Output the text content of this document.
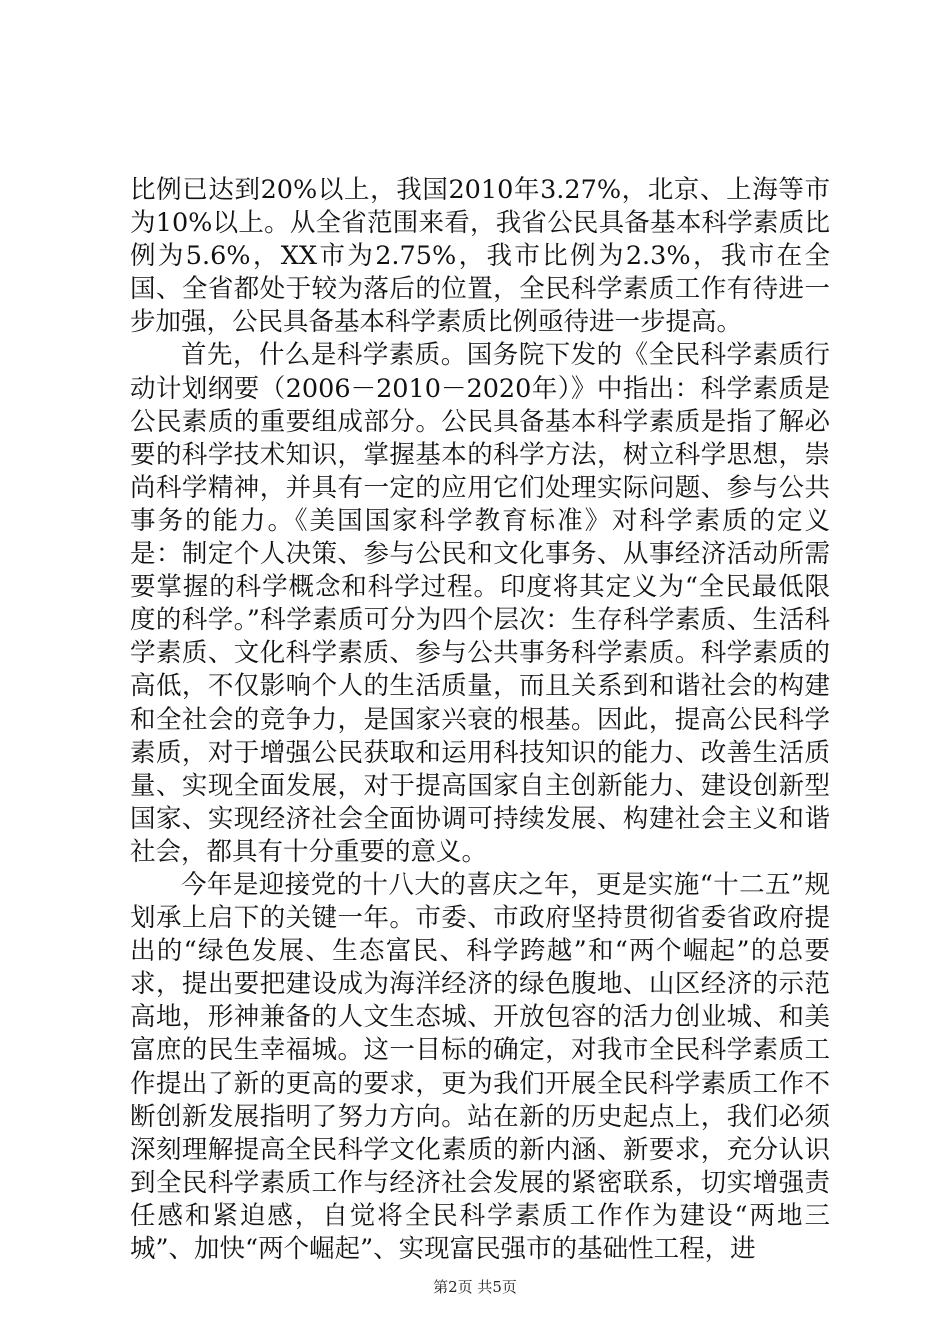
比例已达到20%以上，我国2010年3.27%，北京、上海等市为10%以上。从全省范围来看，我省公民具备基本科学素质比例为5.6%，XX市为2.75%，我市比例为2.3%，我市在全国、全省都处于较为落后的位置，全民科学素质工作有待进一步加强，公民具备基本科学素质比例亟待进一步提高。

首先，什么是科学素质。国务院下发的《全民科学素质行动计划纲要（2006－2010－2020年）》中指出：科学素质是公民素质的重要组成部分。公民具备基本科学素质是指了解必要的科学技术知识，掌握基本的科学方法，树立科学思想，崇尚科学精神，并具有一定的应用它们处理实际问题、参与公共事务的能力。《美国国家科学教育标准》对科学素质的定义是：制定个人决策、参与公民和文化事务、从事经济活动所需要掌握的科学概念和科学过程。印度将其定义为“全民最低限度的科学。”科学素质可分为四个层次：生存科学素质、生活科学素质、文化科学素质、参与公共事务科学素质。科学素质的高低，不仅影响个人的生活质量，而且关系到和谐社会的构建和全社会的竞争力，是国家兴衰的根基。因此，提高公民科学素质，对于增强公民获取和运用科技知识的能力、改善生活质量、实现全面发展，对于提高国家自主创新能力、建设创新型国家、实现经济社会全面协调可持续发展、构建社会主义和谐社会，都具有十分重要的意义。

今年是迎接党的十八大的喜庆之年，更是实施“十二五”规划承上启下的关键一年。市委、市政府坚持贯彻省委省政府提出的“绿色发展、生态富民、科学跨越”和“两个崛起”的总要求，提出要把建设成为海洋经济的绿色腹地、山区经济的示范高地，形神兼备的人文生态城、开放包容的活力创业城、和美富庶的民生幸福城。这一目标的确定，对我市全民科学素质工作提出了新的更高的要求，更为我们开展全民科学素质工作不断创新发展指明了努力方向。站在新的历史起点上，我们必须深刻理解提高全民科学文化素质的新内涵、新要求，充分认识到全民科学素质工作与经济社会发展的紧密联系，切实增强责任感和紧迫感，自觉将全民科学素质工作作为建设“两地三城”、加快“两个崛起”、实现富民强市的基础性工程，进

第2页 共5页
